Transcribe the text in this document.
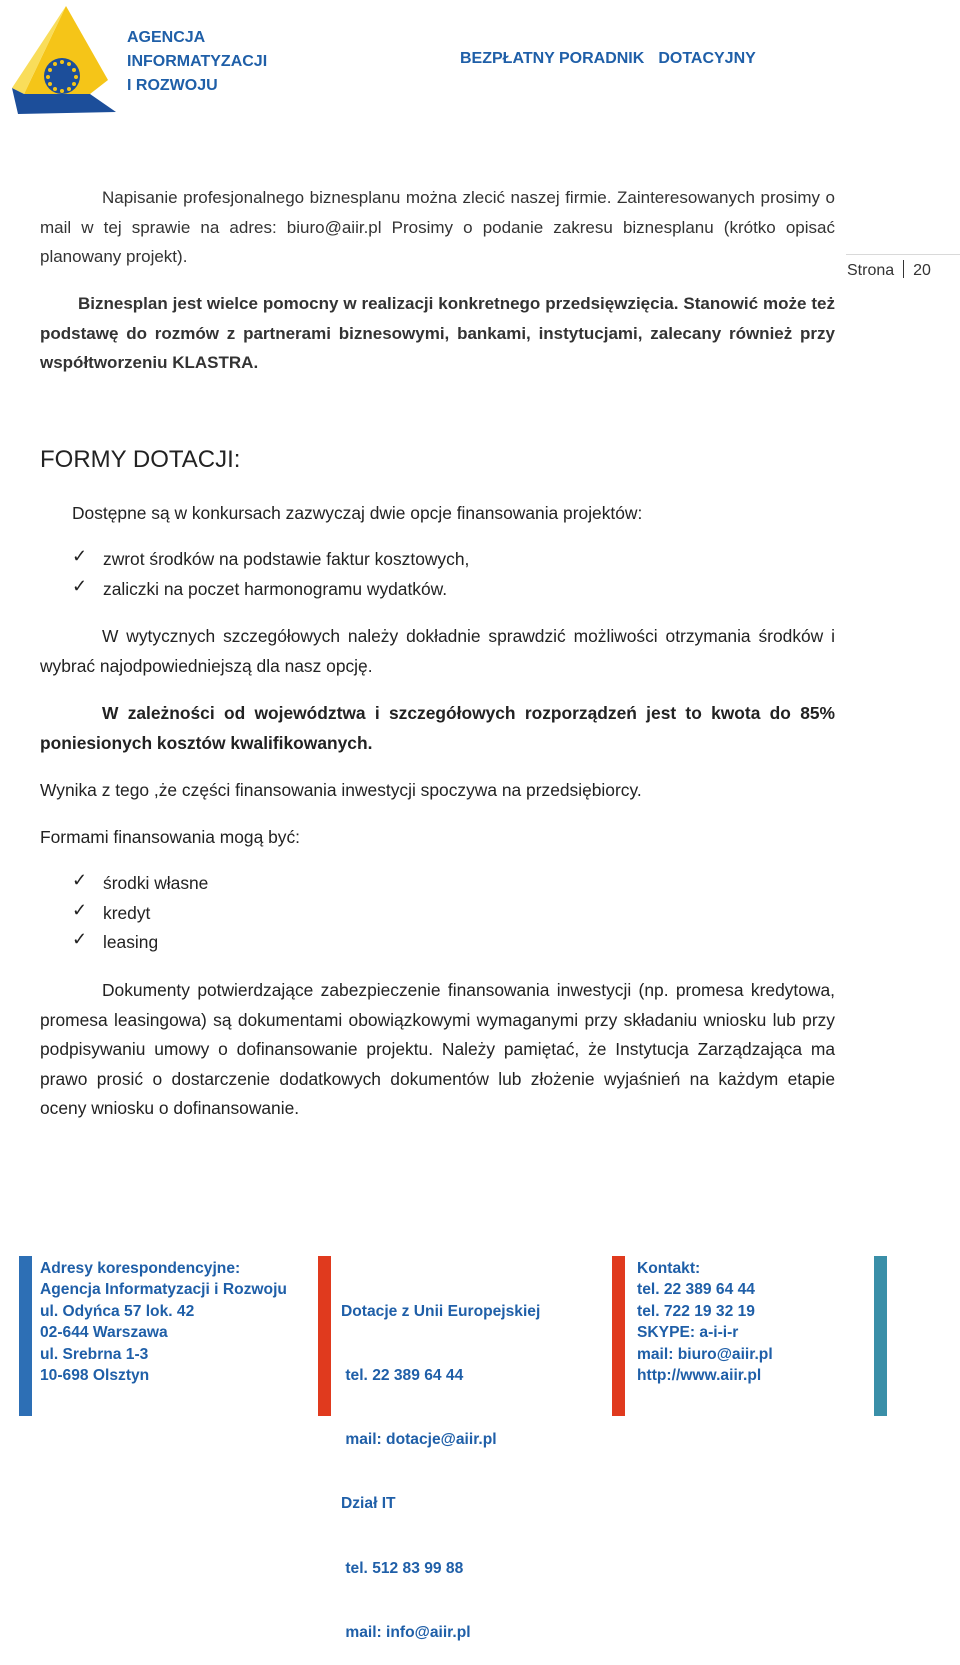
AGENCJA
INFORMATYZACJI
I ROZWOJU
BEZPŁATNY PORADNIK DOTACYJNY
Strona 20

Napisanie profesjonalnego biznesplanu można zlecić naszej firmie. Zainteresowanych prosimy o mail w tej sprawie na adres: biuro@aiir.pl Prosimy o podanie zakresu biznesplanu (krótko opisać planowany projekt).

Biznesplan jest wielce pomocny w realizacji konkretnego przedsięwzięcia. Stanowić może też podstawę do rozmów z partnerami biznesowymi, bankami, instytucjami, zalecany również przy współtworzeniu KLASTRA.

FORMY DOTACJI:

Dostępne są w konkursach zazwyczaj dwie opcje finansowania projektów:

✓ zwrot środków na podstawie faktur kosztowych,
✓ zaliczki na poczet harmonogramu wydatków.

W wytycznych szczegółowych należy dokładnie sprawdzić możliwości otrzymania środków i wybrać najodpowiedniejszą dla nasz opcję.

W zależności od województwa i szczegółowych rozporządzeń jest to kwota do 85% poniesionych kosztów kwalifikowanych.

Wynika z tego ,że części finansowania inwestycji spoczywa na przedsiębiorcy.

Formami finansowania mogą być:

✓ środki własne
✓ kredyt
✓ leasing

Dokumenty potwierdzające zabezpieczenie finansowania inwestycji (np. promesa kredytowa, promesa leasingowa) są dokumentami obowiązkowymi wymaganymi przy składaniu wniosku lub przy podpisywaniu umowy o dofinansowanie projektu. Należy pamiętać, że Instytucja Zarządzająca ma prawo prosić o dostarczenie dodatkowych dokumentów lub złożenie wyjaśnień na każdym etapie oceny wniosku o dofinansowanie.

Adresy korespondencyjne:
Agencja Informatyzacji i Rozwoju
ul. Odyńca 57 lok. 42
02-644 Warszawa
ul. Srebrna 1-3
10-698 Olsztyn

Dotacje z Unii Europejskiej

tel. 22 389 64 44

mail: dotacje@aiir.pl

Dział IT

tel. 512 83 99 88

mail: info@aiir.pl

Kontakt:
tel. 22 389 64 44
tel. 722 19 32 19
SKYPE: a-i-i-r
mail: biuro@aiir.pl
http://www.aiir.pl
